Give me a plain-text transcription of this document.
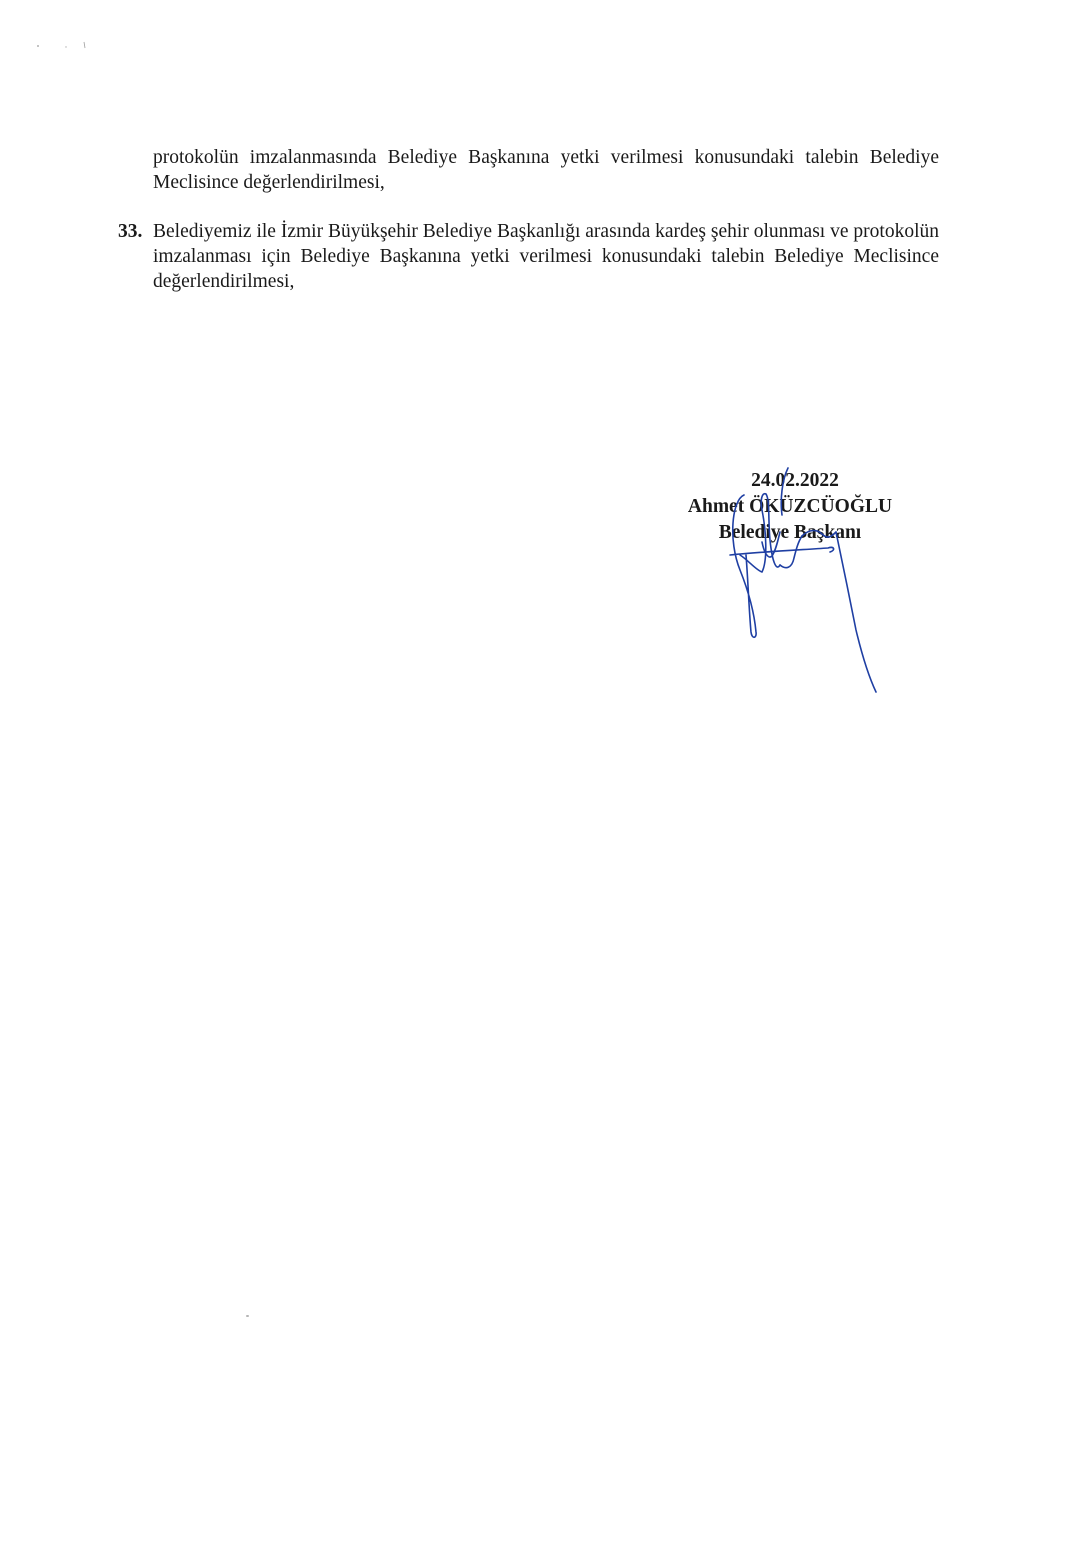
protokolün imzalanmasında Belediye Başkanına yetki verilmesi konusundaki talebin Belediye Meclisince değerlendirilmesi,
33. Belediyemiz ile İzmir Büyükşehir Belediye Başkanlığı arasında kardeş şehir olunması ve protokolün imzalanması için Belediye Başkanına yetki verilmesi konusundaki talebin Belediye Meclisince değerlendirilmesi,
24.02.2022
Ahmet ÖKÜZCÜOĞLU
Belediye Başkanı
